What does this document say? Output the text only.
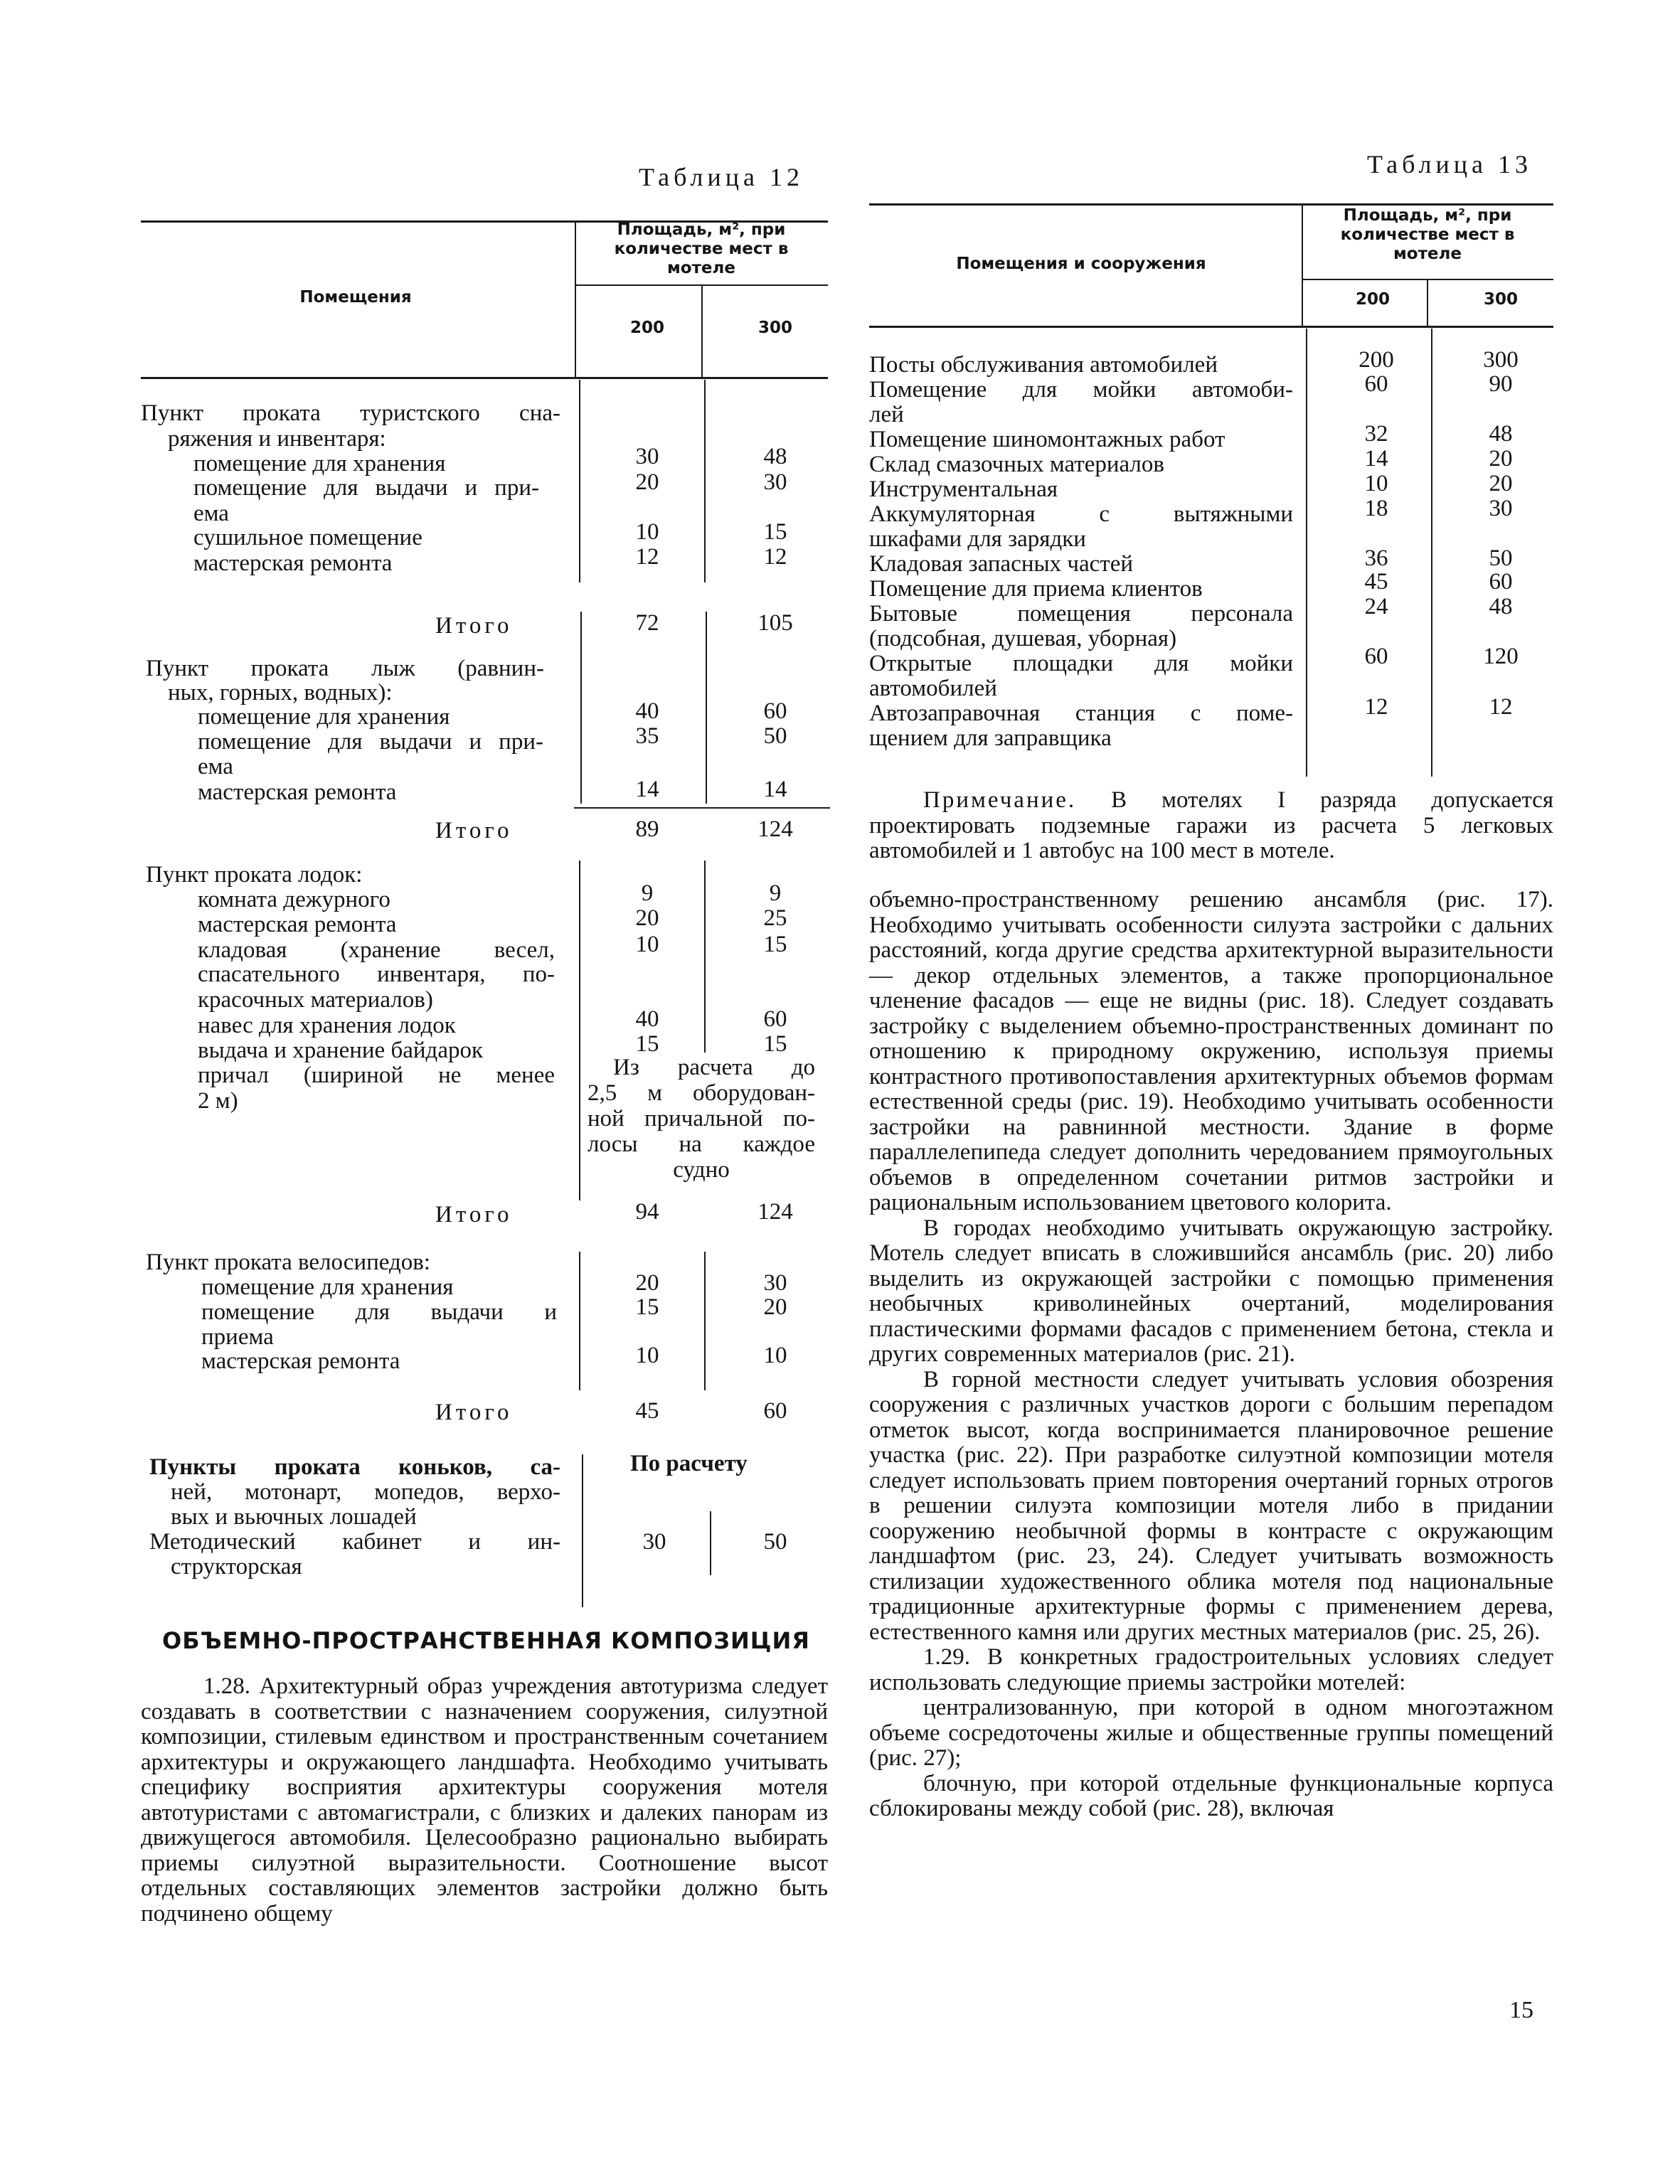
Таблица 12
Помещения
Площадь, м², при количестве мест в мотеле
200	300
Пункт проката туристского сна-
ряжения и инвентаря:
помещение для хранения	30	48
помещение для выдачи и при-
ема
20	30
сушильное помещение	10	15
мастерская ремонта	12	12
Итого	72	105
Пункт проката лыж (равнин-
ных, горных, водных):
помещение для хранения	40	60
помещение для выдачи и при-
ема
35	50
мастерская ремонта	14	14
Итого	89	124
Пункт проката лодок:
комната дежурного	9	9
мастерская ремонта	20	25
кладовая (хранение весел,
спасательного инвентаря, по-
красочных материалов)
10	15
навес для хранения лодок	40	60
выдача и хранение байдарок	15	15
причал (шириной не менее
2 м)
Из расчета до
2,5 м оборудован-
ной причальной по-
лосы на каждое
судно
Итого	94	124
Пункт проката велосипедов:
помещение для хранения	20	30
помещение для выдачи и
приема
15	20
мастерская ремонта	10	10
Итого	45	60
Пункты проката коньков, са-
ней, мотонарт, мопедов, верхо-
вых и вьючных лошадей
По расчету
Методический кабинет и ин-
структорская
30	50
ОБЪЕМНО-ПРОСТРАНСТВЕННАЯ КОМПОЗИЦИЯ
1.28. Архитектурный образ учреждения автотуризма следует создавать в соответствии с назначением сооружения, силуэтной композиции, стилевым единством и пространственным сочетанием архитектуры и окружающего ландшафта. Необходимо учитывать специфику восприятия архитектуры сооружения мотеля автотуристами с автомагистрали, с близких и далеких панорам из движущегося автомобиля. Целесообразно рационально выбирать приемы силуэтной выразительности. Соотношение высот отдельных составляющих элементов застройки должно быть подчинено общему
Таблица 13
Помещения и сооружения
Площадь, м², при количестве мест в мотеле
200	300
Посты обслуживания автомобилей	200	300
Помещение для мойки автомоби-
лей
60	90
Помещение шиномонтажных работ	32	48
Склад смазочных материалов	14	20
Инструментальная	10	20
Аккумуляторная с вытяжными
шкафами для зарядки
18	30
Кладовая запасных частей	36	50
Помещение для приема клиентов	45	60
Бытовые помещения персонала
(подсобная, душевая, уборная)
24	48
Открытые площадки для мойки
автомобилей
60	120
Автозаправочная станция с поме-
щением для заправщика
12	12
Примечание. В мотелях I разряда допускается проектировать подземные гаражи из расчета 5 легковых автомобилей и 1 автобус на 100 мест в мотеле.

объемно-пространственному решению ансамбля (рис. 17). Необходимо учитывать особенности силуэта застройки с дальних расстояний, когда другие средства архитектурной выразительности — декор отдельных элементов, а также пропорциональное членение фасадов — еще не видны (рис. 18). Следует создавать застройку с выделением объемно-пространственных доминант по отношению к природному окружению, используя приемы контрастного противопоставления архитектурных объемов формам естественной среды (рис. 19). Необходимо учитывать особенности застройки на равнинной местности. Здание в форме параллелепипеда следует дополнить чередованием прямоугольных объемов в определенном сочетании ритмов застройки и рациональным использованием цветового колорита.

В городах необходимо учитывать окружающую застройку. Мотель следует вписать в сложившийся ансамбль (рис. 20) либо выделить из окружающей застройки с помощью применения необычных криволинейных очертаний, моделирования пластическими формами фасадов с применением бетона, стекла и других современных материалов (рис. 21).

В горной местности следует учитывать условия обозрения сооружения с различных участков дороги с большим перепадом отметок высот, когда воспринимается планировочное решение участка (рис. 22). При разработке силуэтной композиции мотеля следует использовать прием повторения очертаний горных отрогов в решении силуэта композиции мотеля либо в придании сооружению необычной формы в контрасте с окружающим ландшафтом (рис. 23, 24). Следует учитывать возможность стилизации художественного облика мотеля под национальные традиционные архитектурные формы с применением дерева, естественного камня или других местных материалов (рис. 25, 26).

1.29. В конкретных градостроительных условиях следует использовать следующие приемы застройки мотелей:

централизованную, при которой в одном многоэтажном объеме сосредоточены жилые и общественные группы помещений (рис. 27);

блочную, при которой отдельные функциональные корпуса сблокированы между собой (рис. 28), включая

15
